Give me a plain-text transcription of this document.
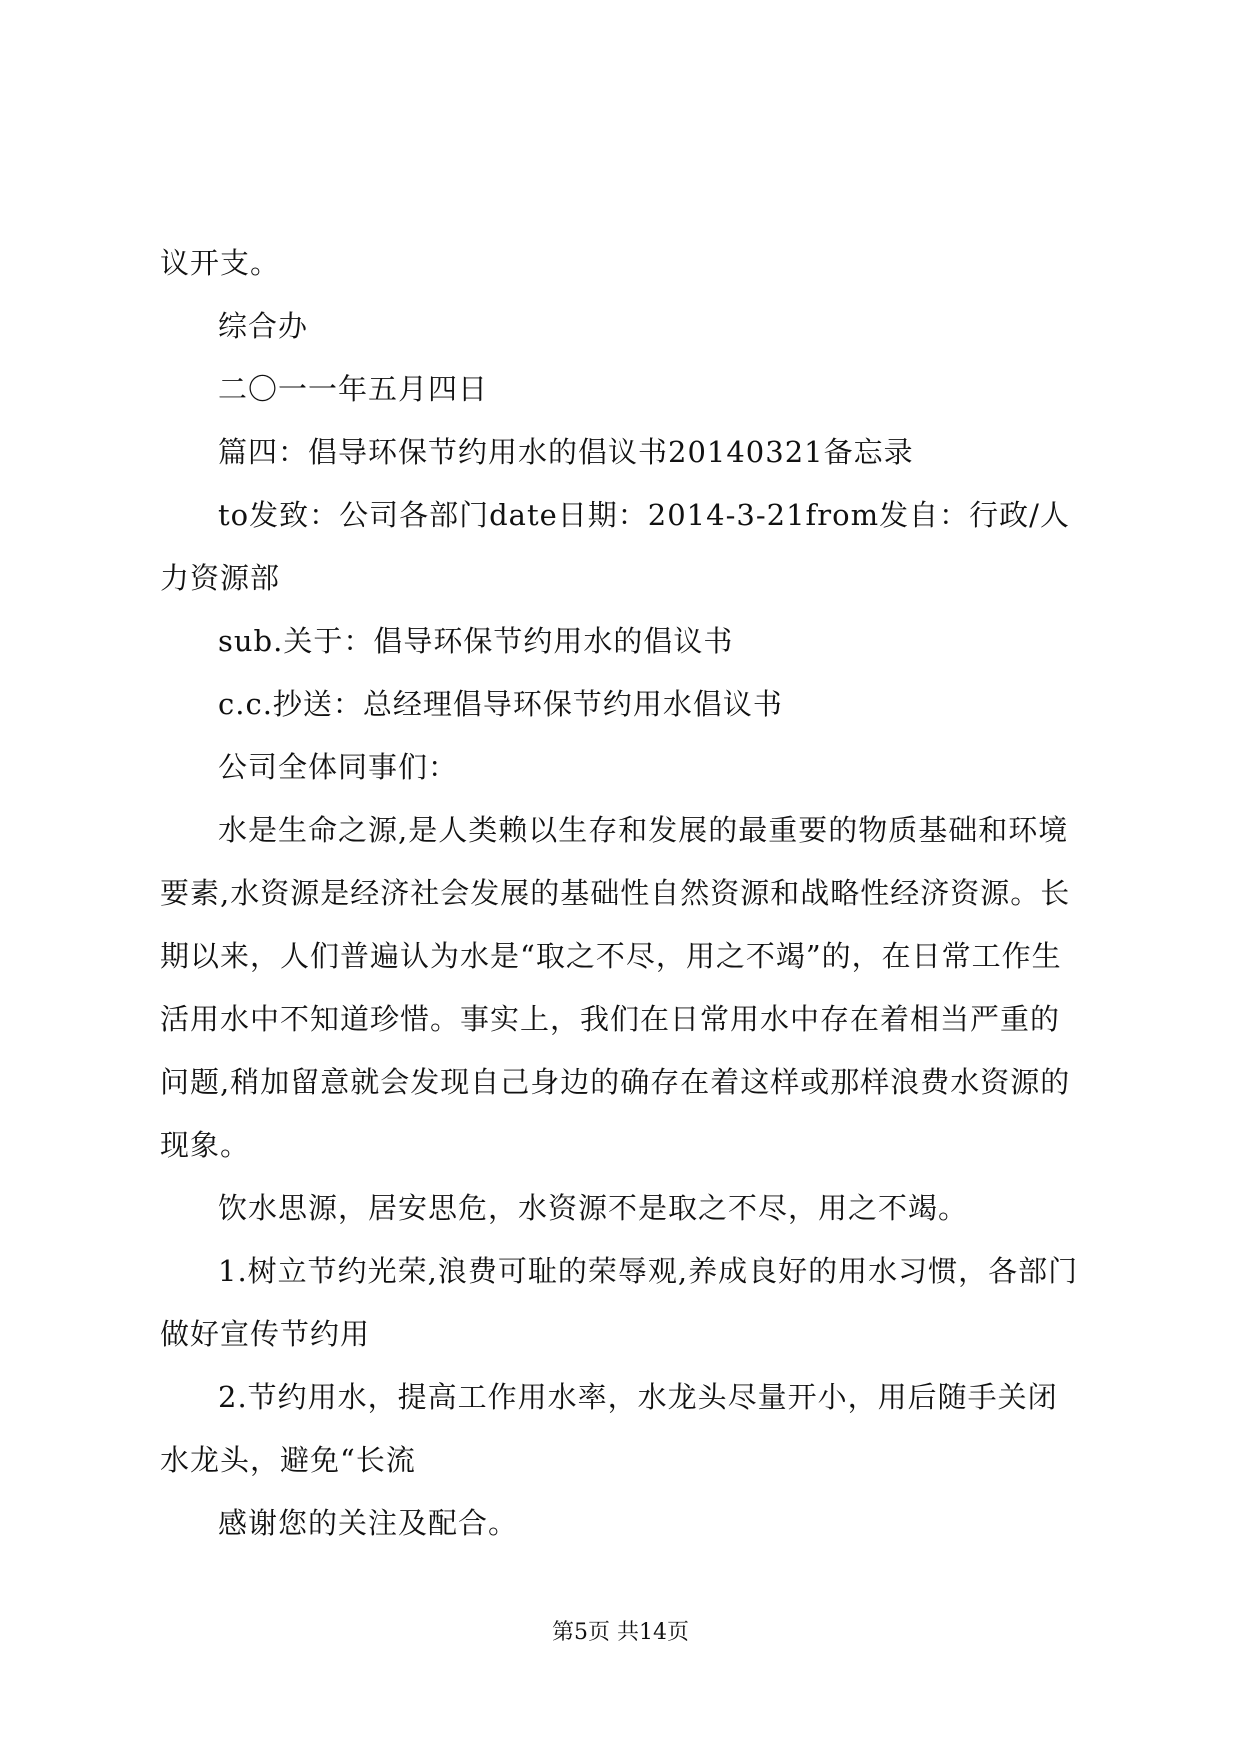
议开支。

综合办

二〇一一年五月四日

篇四：倡导环保节约用水的倡议书20140321备忘录

to发致：公司各部门date日期：2014-3-21from发自：行政/人力资源部

sub.关于：倡导环保节约用水的倡议书

c.c.抄送：总经理倡导环保节约用水倡议书

公司全体同事们：

水是生命之源,是人类赖以生存和发展的最重要的物质基础和环境要素,水资源是经济社会发展的基础性自然资源和战略性经济资源。长期以来，人们普遍认为水是“取之不尽，用之不竭”的，在日常工作生活用水中不知道珍惜。事实上，我们在日常用水中存在着相当严重的问题,稍加留意就会发现自己身边的确存在着这样或那样浪费水资源的现象。

饮水思源，居安思危，水资源不是取之不尽，用之不竭。

1.树立节约光荣,浪费可耻的荣辱观,养成良好的用水习惯，各部门做好宣传节约用

2.节约用水，提高工作用水率，水龙头尽量开小，用后随手关闭水龙头，避免“长流

感谢您的关注及配合。

第5页 共14页
